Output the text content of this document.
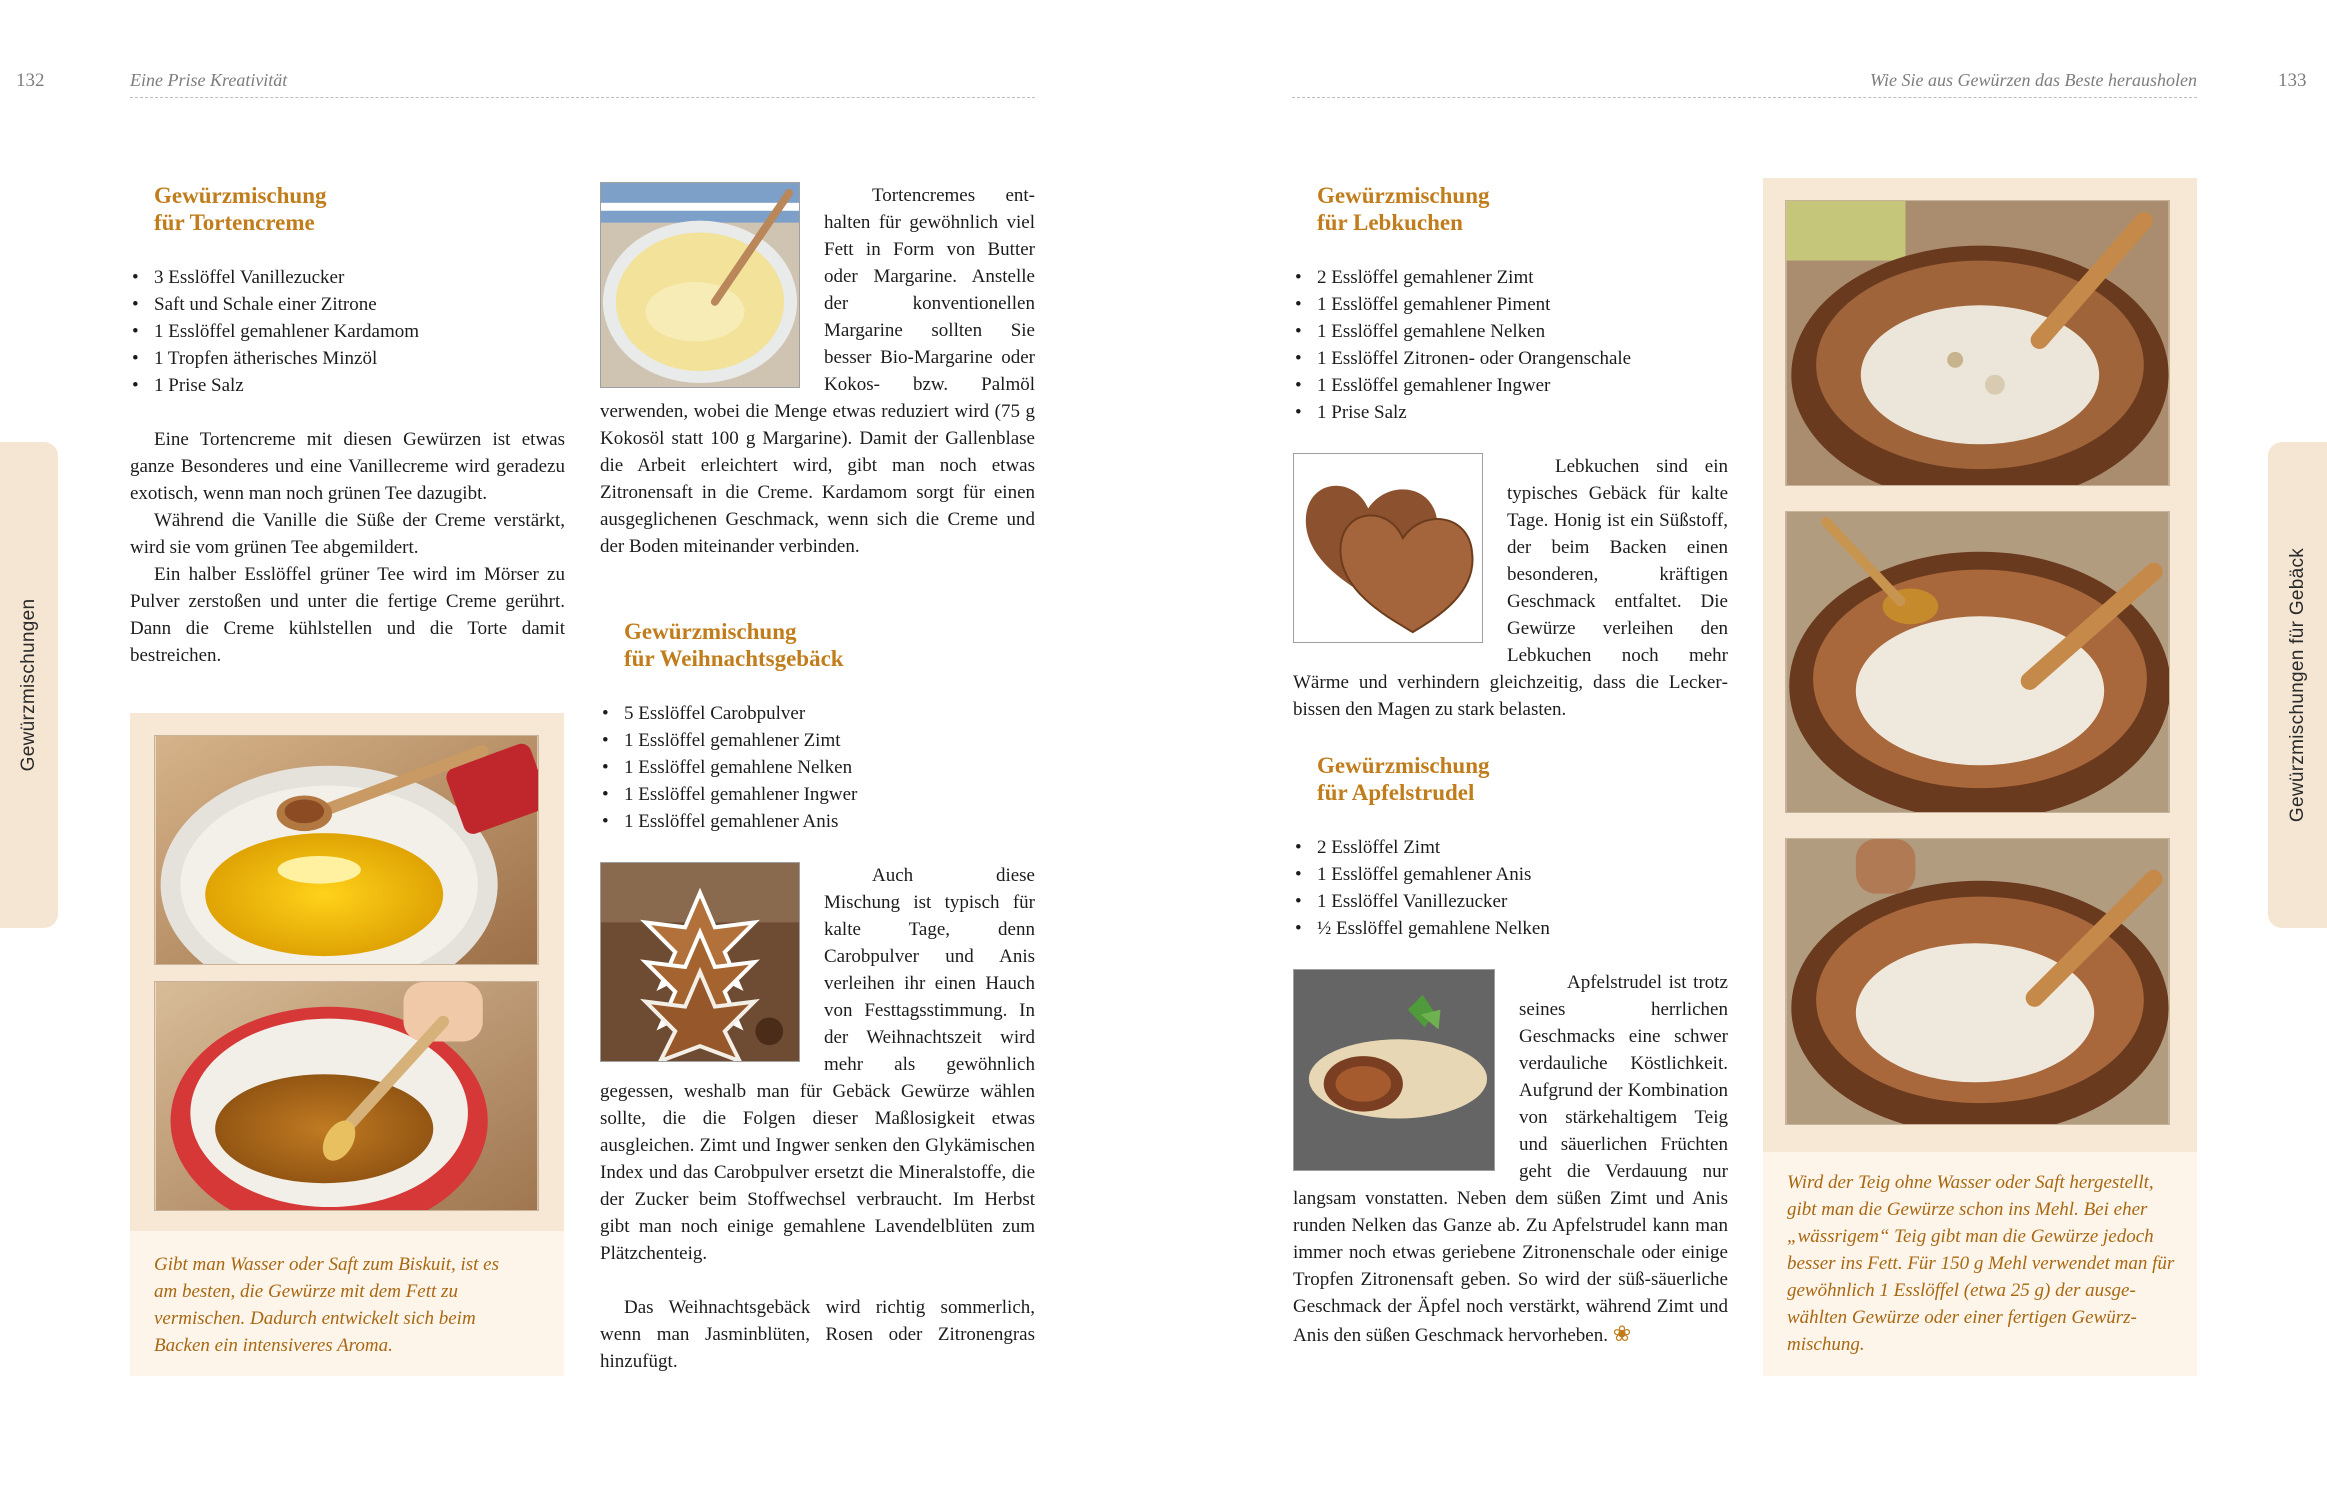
132	Eine Prise Kreativität	Wie Sie aus Gewürzen das Beste herausholen	133
Gewürzmischungen	Gewürzmischungen für Gebäck
Gewürzmischung
für Tortencreme
• 3 Esslöffel Vanillezucker
• Saft und Schale einer Zitrone
• 1 Esslöffel gemahlener Kardamom
• 1 Tropfen ätherisches Minzöl
• 1 Prise Salz

Eine Tortencreme mit diesen Gewürzen ist etwas ganze Besonderes und eine Vanillecreme wird geradezu exotisch, wenn man noch grünen Tee dazugibt.

Während die Vanille die Süße der Creme verstärkt, wird sie vom grünen Tee abgemildert.

Ein halber Esslöffel grüner Tee wird im Mörser zu Pulver zerstoßen und unter die fertige Creme gerührt. Dann die Creme kühlstellen und die Torte damit bestreichen.

Gibt man Wasser oder Saft zum Biskuit, ist es am besten, die Gewürze mit dem Fett zu vermischen. Dadurch entwickelt sich beim Backen ein intensiveres Aroma.

Tortencremes enthalten für gewöhnlich viel Fett in Form von Butter oder Margarine. Anstelle der konventionellen Margarine sollten Sie besser Bio-Margarine oder Kokos- bzw. Palmöl verwenden, wobei die Menge etwas reduziert wird (75 g Kokosöl statt 100 g Margarine). Damit der Gallenblase die Arbeit erleichtert wird, gibt man noch etwas Zitronensaft in die Creme. Kardamom sorgt für einen ausgeglichenen Geschmack, wenn sich die Creme und der Boden miteinander verbinden.

Gewürzmischung
für Weihnachtsgebäck
• 5 Esslöffel Carobpulver
• 1 Esslöffel gemahlener Zimt
• 1 Esslöffel gemahlene Nelken
• 1 Esslöffel gemahlener Ingwer
• 1 Esslöffel gemahlener Anis

Auch diese Mischung ist typisch für kalte Tage, denn Carobpulver und Anis verleihen ihr einen Hauch von Festtagsstimmung. In der Weihnachtszeit wird mehr als gewöhnlich gegessen, weshalb man für Gebäck Gewürze wählen sollte, die die Folgen dieser Maßlosigkeit etwas ausgleichen. Zimt und Ingwer senken den Glykämischen Index und das Carobpulver ersetzt die Mineralstoffe, die der Zucker beim Stoffwechsel verbraucht. Im Herbst gibt man noch einige gemahlene Lavendelblüten zum Plätzchenteig.

Das Weihnachtsgebäck wird richtig sommerlich, wenn man Jasminblüten, Rosen oder Zitronengras hinzufügt.

Gewürzmischung
für Lebkuchen
• 2 Esslöffel gemahlener Zimt
• 1 Esslöffel gemahlener Piment
• 1 Esslöffel gemahlene Nelken
• 1 Esslöffel Zitronen- oder Orangenschale
• 1 Esslöffel gemahlener Ingwer
• 1 Prise Salz

Lebkuchen sind ein typisches Gebäck für kalte Tage. Honig ist ein Süßstoff, der beim Backen einen besonderen, kräftigen Geschmack entfaltet. Die Gewürze verleihen den Lebkuchen noch mehr Wärme und verhindern gleichzeitig, dass die Leckerbissen den Magen zu stark belasten.

Gewürzmischung
für Apfelstrudel
• 2 Esslöffel Zimt
• 1 Esslöffel gemahlener Anis
• 1 Esslöffel Vanillezucker
• ½ Esslöffel gemahlene Nelken

Apfelstrudel ist trotz seines herrlichen Geschmacks eine schwer verdauliche Köstlichkeit. Aufgrund der Kombination von stärkehaltigem Teig und säuerlichen Früchten geht die Verdauung nur langsam vonstatten. Neben dem süßen Zimt und Anis runden Nelken das Ganze ab. Zu Apfelstrudel kann man immer noch etwas geriebene Zitronenschale oder einige Tropfen Zitronensaft geben. So wird der süß-säuerliche Geschmack der Äpfel noch verstärkt, während Zimt und Anis den süßen Geschmack hervorheben. ❀

Wird der Teig ohne Wasser oder Saft hergestellt, gibt man die Gewürze schon ins Mehl. Bei eher „wässrigem“ Teig gibt man die Gewürze jedoch besser ins Fett. Für 150 g Mehl verwendet man für gewöhnlich 1 Esslöffel (etwa 25 g) der ausgewählten Gewürze oder einer fertigen Gewürzmischung.
